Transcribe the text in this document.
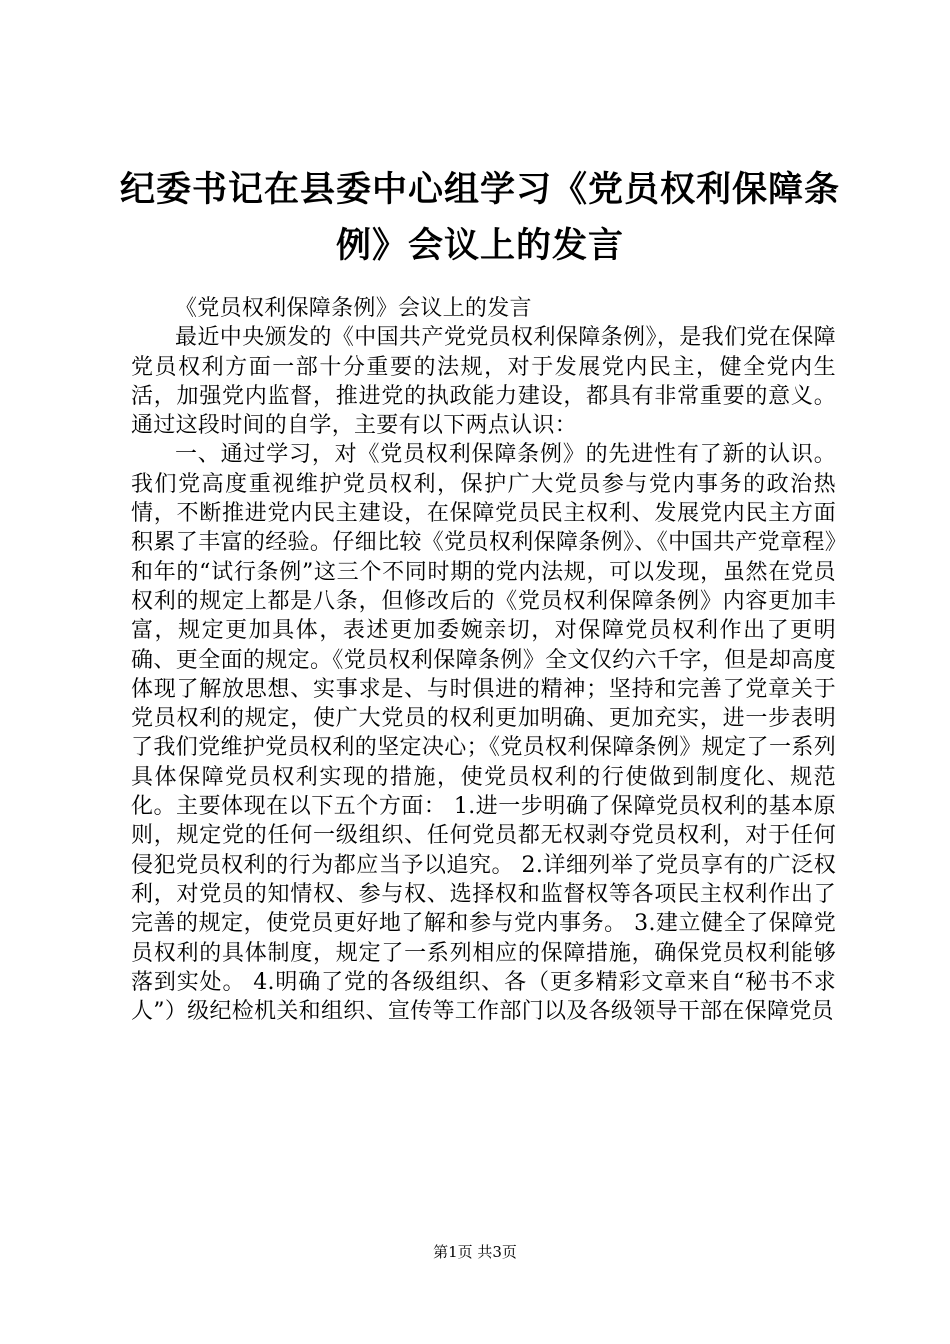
纪委书记在县委中心组学习《党员权利保障条例》会议上的发言

《党员权利保障条例》会议上的发言

最近中央颁发的《中国共产党党员权利保障条例》，是我们党在保障党员权利方面一部十分重要的法规，对于发展党内民主，健全党内生活，加强党内监督，推进党的执政能力建设，都具有非常重要的意义。通过这段时间的自学，主要有以下两点认识：

一、通过学习，对《党员权利保障条例》的先进性有了新的认识。我们党高度重视维护党员权利，保护广大党员参与党内事务的政治热情，不断推进党内民主建设，在保障党员民主权利、发展党内民主方面积累了丰富的经验。仔细比较《党员权利保障条例》、《中国共产党章程》和年的“试行条例”这三个不同时期的党内法规，可以发现，虽然在党员权利的规定上都是八条，但修改后的《党员权利保障条例》内容更加丰富，规定更加具体，表述更加委婉亲切，对保障党员权利作出了更明确、更全面的规定。《党员权利保障条例》全文仅约六千字，但是却高度体现了解放思想、实事求是、与时俱进的精神；坚持和完善了党章关于党员权利的规定，使广大党员的权利更加明确、更加充实，进一步表明了我们党维护党员权利的坚定决心；《党员权利保障条例》规定了一系列具体保障党员权利实现的措施，使党员权利的行使做到制度化、规范化。主要体现在以下五个方面： 1.进一步明确了保障党员权利的基本原则，规定党的任何一级组织、任何党员都无权剥夺党员权利，对于任何侵犯党员权利的行为都应当予以追究。 2.详细列举了党员享有的广泛权利，对党员的知情权、参与权、选择权和监督权等各项民主权利作出了完善的规定，使党员更好地了解和参与党内事务。 3.建立健全了保障党员权利的具体制度，规定了一系列相应的保障措施，确保党员权利能够落到实处。 4.明确了党的各级组织、各（更多精彩文章来自“秘书不求人”）级纪检机关和组织、宣传等工作部门以及各级领导干部在保障党员

第1页 共3页
